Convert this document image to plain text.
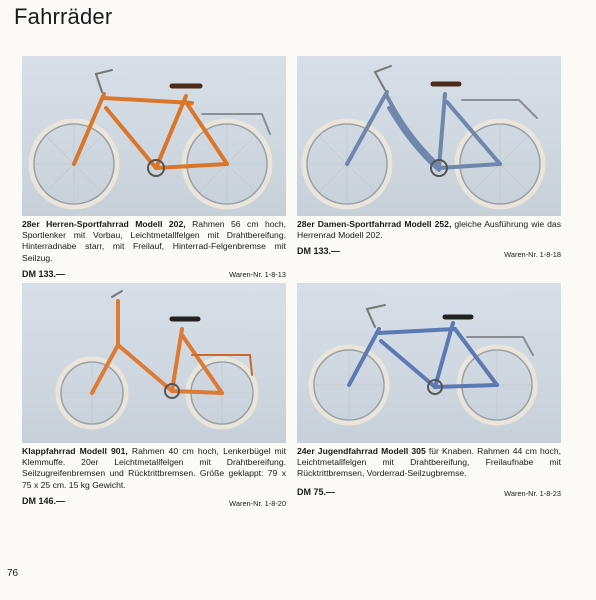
Fahrräder
28er Herren-Sportfahrrad Modell 202, Rahmen 56 cm hoch, Sportlenker mit Vorbau, Leichtmetallfelgen mit Drahtbereifung. Hinterradnabe starr, mit Freilauf, Hinterrad-Felgenbremse mit Seilzug.
DM 133.—	Waren-Nr. 1-8-13
28er Damen-Sportfahrrad Modell 252, gleiche Ausführung wie das Herrenrad Modell 202.
DM 133.—	Waren-Nr. 1-8-18
Klappfahrrad Modell 901, Rahmen 40 cm hoch, Lenkerbügel mit Klemmuffe. 20er Leichtmetallfelgen mit Drahtbereifung. Seilzugreifenbremsen und Rücktrittbremsen. Größe geklappt: 79 x 75 x 25 cm. 15 kg Gewicht.
DM 146.—	Waren-Nr. 1-8-20
24er Jugendfahrrad Modell 305 für Knaben. Rahmen 44 cm hoch, Leichtmetallfelgen mit Drahtbereifung, Freilaufnabe mit Rücktrittbremsen, Vorderrad-Seilzugbremse.
DM 75.—	Waren-Nr. 1-8-23
76
